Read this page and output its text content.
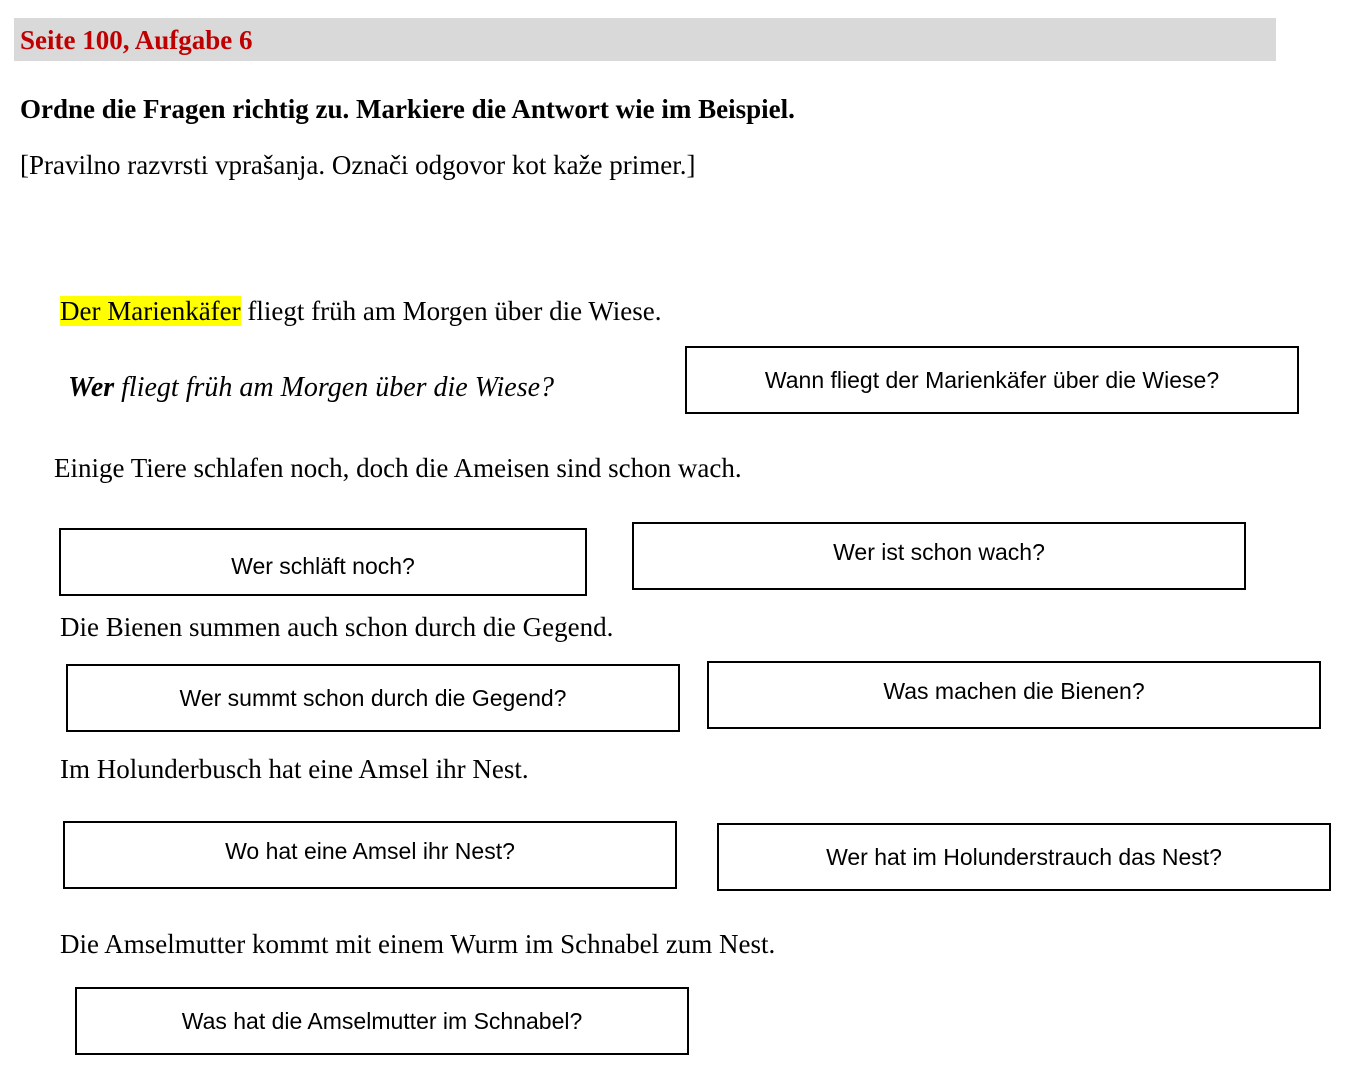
Seite 100, Aufgabe 6
Ordne die Fragen richtig zu. Markiere die Antwort wie im Beispiel.
[Pravilno razvrsti vprašanja. Označi odgovor kot kaže primer.]
Der Marienkäfer fliegt früh am Morgen über die Wiese.
Wer fliegt früh am Morgen über die Wiese?	Wann fliegt der Marienkäfer über die Wiese?
Einige Tiere schlafen noch, doch die Ameisen sind schon wach.
Wer schläft noch?
Wer ist schon wach?
Die Bienen summen auch schon durch die Gegend.
Wer summt schon durch die Gegend?	Was machen die Bienen?
Im Holunderbusch hat eine Amsel ihr Nest.
Wo hat eine Amsel ihr Nest?	Wer hat im Holunderstrauch das Nest?
Die Amselmutter kommt mit einem Wurm im Schnabel zum Nest.
Was hat die Amselmutter im Schnabel?
